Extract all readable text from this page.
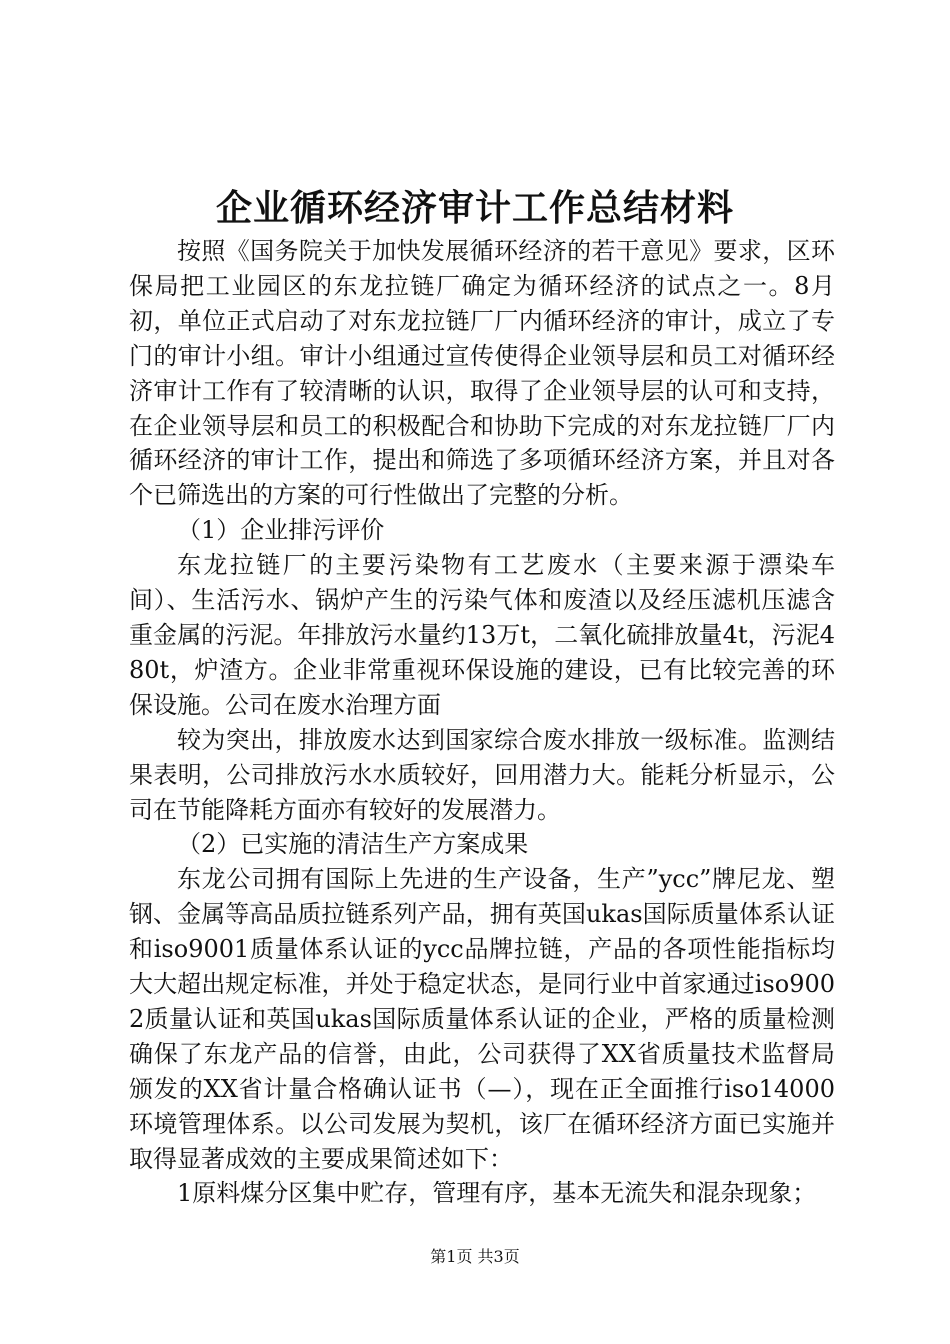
企业循环经济审计工作总结材料

按照《国务院关于加快发展循环经济的若干意见》要求，区环保局把工业园区的东龙拉链厂确定为循环经济的试点之一。8月初，单位正式启动了对东龙拉链厂厂内循环经济的审计，成立了专门的审计小组。审计小组通过宣传使得企业领导层和员工对循环经济审计工作有了较清晰的认识，取得了企业领导层的认可和支持，在企业领导层和员工的积极配合和协助下完成的对东龙拉链厂厂内循环经济的审计工作，提出和筛选了多项循环经济方案，并且对各个已筛选出的方案的可行性做出了完整的分析。

（1）企业排污评价

东龙拉链厂的主要污染物有工艺废水（主要来源于漂染车间）、生活污水、锅炉产生的污染气体和废渣以及经压滤机压滤含重金属的污泥。年排放污水量约13万t，二氧化硫排放量4t，污泥480t，炉渣方。企业非常重视环保设施的建设，已有比较完善的环保设施。公司在废水治理方面

较为突出，排放废水达到国家综合废水排放一级标准。监测结果表明，公司排放污水水质较好，回用潜力大。能耗分析显示，公司在节能降耗方面亦有较好的发展潜力。

（2）已实施的清洁生产方案成果

东龙公司拥有国际上先进的生产设备，生产”ycc”牌尼龙、塑钢、金属等高品质拉链系列产品，拥有英国ukas国际质量体系认证和iso9001质量体系认证的ycc品牌拉链，产品的各项性能指标均大大超出规定标准，并处于稳定状态，是同行业中首家通过iso9002质量认证和英国ukas国际质量体系认证的企业，严格的质量检测确保了东龙产品的信誉，由此，公司获得了XX省质量技术监督局颁发的XX省计量合格确认证书（—），现在正全面推行iso14000环境管理体系。以公司发展为契机，该厂在循环经济方面已实施并取得显著成效的主要成果简述如下：

1原料煤分区集中贮存，管理有序，基本无流失和混杂现象；

第1页 共3页
